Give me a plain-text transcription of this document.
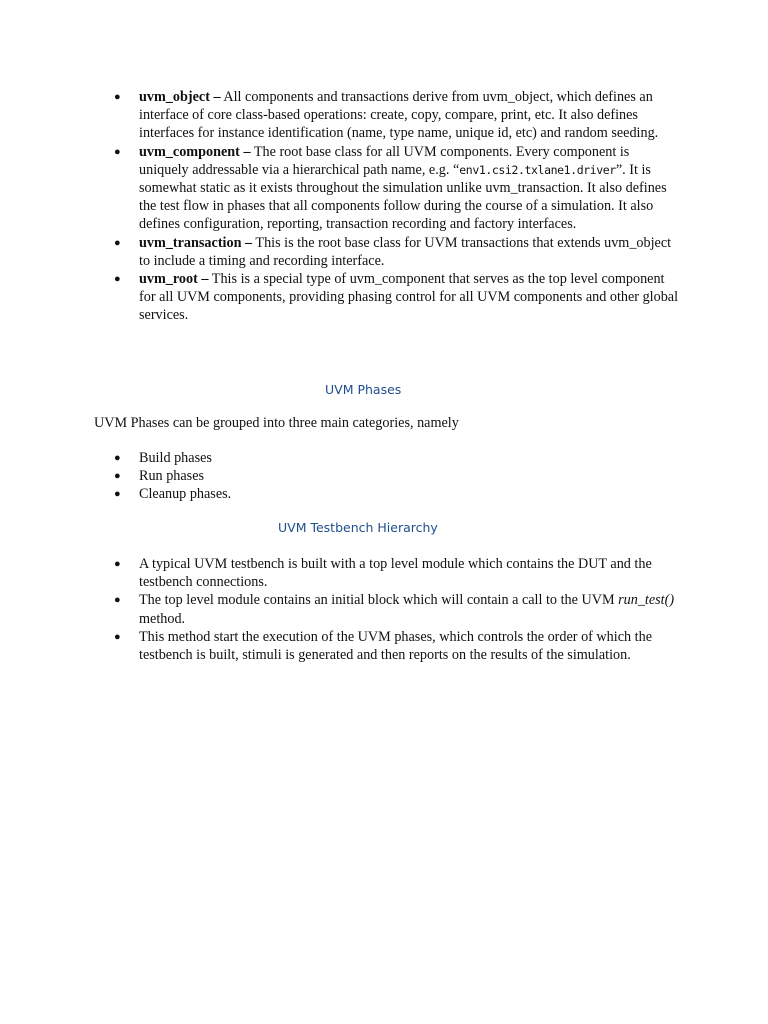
● uvm_object – All components and transactions derive from uvm_object, which defines an interface of core class-based operations: create, copy, compare, print, etc. It also defines interfaces for instance identification (name, type name, unique id, etc) and random seeding.
● uvm_component – The root base class for all UVM components. Every component is uniquely addressable via a hierarchical path name, e.g. “env1.csi2.txlane1.driver”. It is somewhat static as it exists throughout the simulation unlike uvm_transaction. It also defines the test flow in phases that all components follow during the course of a simulation. It also defines configuration, reporting, transaction recording and factory interfaces.
● uvm_transaction – This is the root base class for UVM transactions that extends uvm_object to include a timing and recording interface.
● uvm_root – This is a special type of uvm_component that serves as the top level component for all UVM components, providing phasing control for all UVM components and other global services.
UVM Phases
UVM Phases can be grouped into three main categories, namely
● Build phases
● Run phases
● Cleanup phases.
UVM Testbench Hierarchy
● A typical UVM testbench is built with a top level module which contains the DUT and the testbench connections.
● The top level module contains an initial block which will contain a call to the UVM run_test() method.
● This method start the execution of the UVM phases, which controls the order of which the testbench is built, stimuli is generated and then reports on the results of the simulation.
